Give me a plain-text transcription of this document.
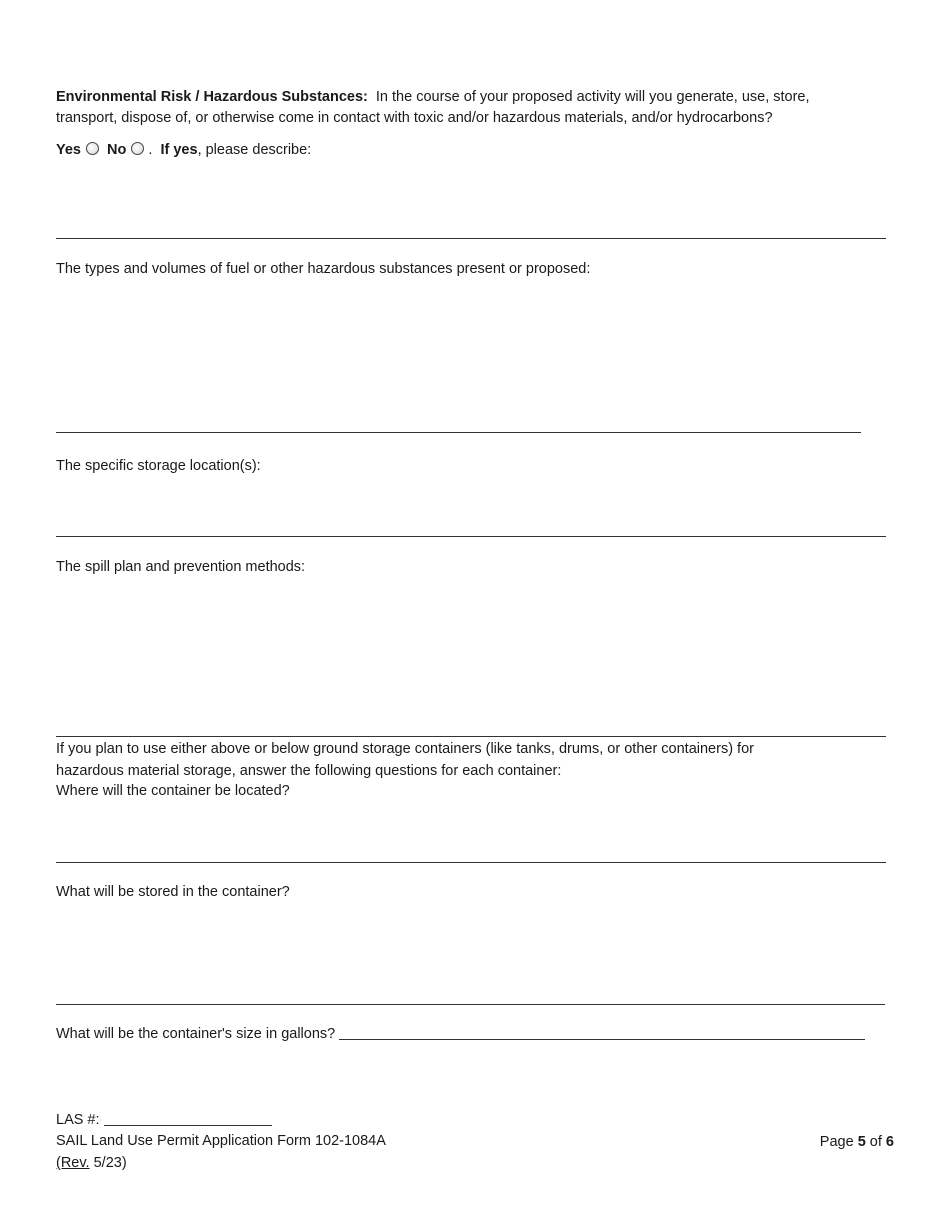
Environmental Risk / Hazardous Substances: In the course of your proposed activity will you generate, use, store,
transport, dispose of, or otherwise come in contact with toxic and/or hazardous materials, and/or hydrocarbons?
Yes No .  If yes, please describe:
The types and volumes of fuel or other hazardous substances present or proposed:
The specific storage location(s):
The spill plan and prevention methods:
If you plan to use either above or below ground storage containers (like tanks, drums, or other containers) for
hazardous material storage, answer the following questions for each container:
Where will the container be located?
What will be stored in the container?
What will be the container's size in gallons?
LAS #:
SAIL Land Use Permit Application Form 102-1084A
(Rev. 5/23)
Page 5 of 6
